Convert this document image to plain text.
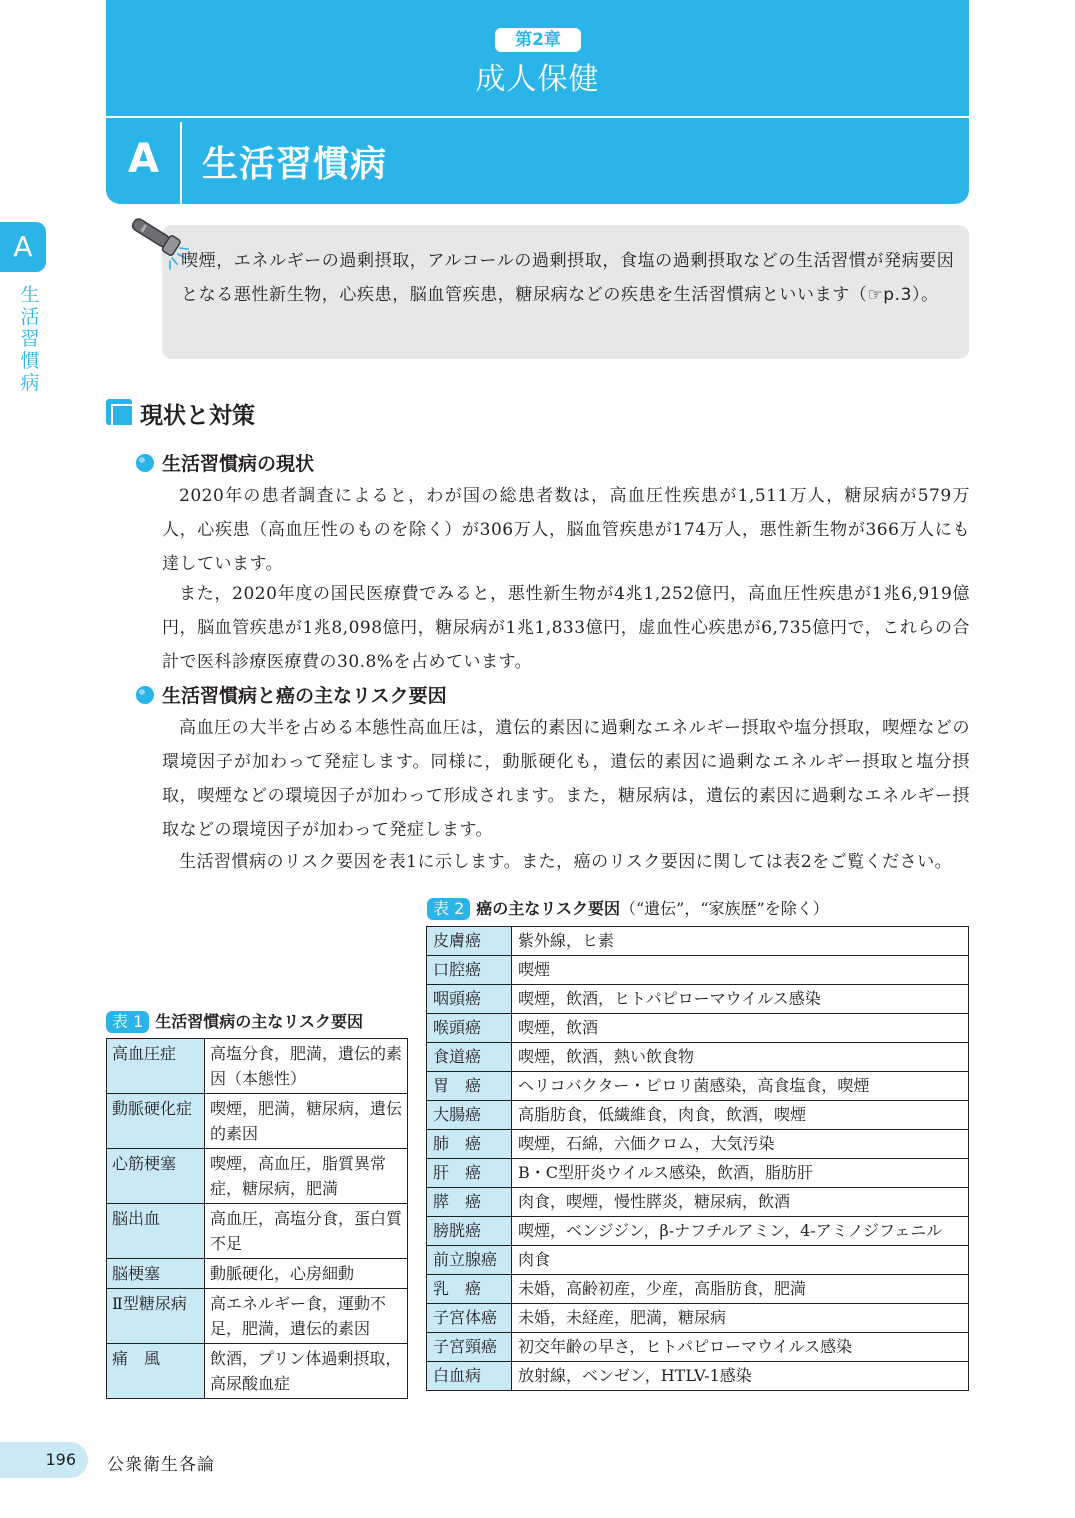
第2章
成人保健
A 生活習慣病
A
生活習慣病
喫煙，エネルギーの過剰摂取，アルコールの過剰摂取，食塩の過剰摂取などの生活習慣が発病要因となる悪性新生物，心疾患，脳血管疾患，糖尿病などの疾患を生活習慣病といいます（☞p.3）。
現状と対策
生活習慣病の現状
2020年の患者調査によると，わが国の総患者数は，高血圧性疾患が1,511万人，糖尿病が579万人，心疾患（高血圧性のものを除く）が306万人，脳血管疾患が174万人，悪性新生物が366万人にも達しています。
また，2020年度の国民医療費でみると，悪性新生物が4兆1,252億円，高血圧性疾患が1兆6,919億円，脳血管疾患が1兆8,098億円，糖尿病が1兆1,833億円，虚血性心疾患が6,735億円で，これらの合計で医科診療医療費の30.8%を占めています。
生活習慣病と癌の主なリスク要因
高血圧の大半を占める本態性高血圧は，遺伝的素因に過剰なエネルギー摂取や塩分摂取，喫煙などの環境因子が加わって発症します。同様に，動脈硬化も，遺伝的素因に過剰なエネルギー摂取と塩分摂取，喫煙などの環境因子が加わって形成されます。また，糖尿病は，遺伝的素因に過剰なエネルギー摂取などの環境因子が加わって発症します。
生活習慣病のリスク要因を表1に示します。また，癌のリスク要因に関しては表2をご覧ください。
表 1 生活習慣病の主なリスク要因
高血圧症	高塩分食，肥満，遺伝的素因（本態性）
動脈硬化症	喫煙，肥満，糖尿病，遺伝的素因
心筋梗塞	喫煙，高血圧，脂質異常症，糖尿病，肥満
脳出血	高血圧，高塩分食，蛋白質不足
脳梗塞	動脈硬化，心房細動
Ⅱ型糖尿病	高エネルギー食，運動不足，肥満，遺伝的素因
痛　風	飲酒，プリン体過剰摂取，高尿酸血症
表 2 癌の主なリスク要因（“遺伝”，“家族歴”を除く）
皮膚癌	紫外線，ヒ素
口腔癌	喫煙
咽頭癌	喫煙，飲酒，ヒトパピローマウイルス感染
喉頭癌	喫煙，飲酒
食道癌	喫煙，飲酒，熱い飲食物
胃　癌	ヘリコバクター・ピロリ菌感染，高食塩食，喫煙
大腸癌	高脂肪食，低繊維食，肉食，飲酒，喫煙
肺　癌	喫煙，石綿，六価クロム，大気汚染
肝　癌	B・C型肝炎ウイルス感染，飲酒，脂肪肝
膵　癌	肉食，喫煙，慢性膵炎，糖尿病，飲酒
膀胱癌	喫煙，ベンジジン，β-ナフチルアミン，4-アミノジフェニル
前立腺癌	肉食
乳　癌	未婚，高齢初産，少産，高脂肪食，肥満
子宮体癌	未婚，未経産，肥満，糖尿病
子宮頸癌	初交年齢の早さ，ヒトパピローマウイルス感染
白血病	放射線，ベンゼン，HTLV-1感染
196	公衆衛生各論
